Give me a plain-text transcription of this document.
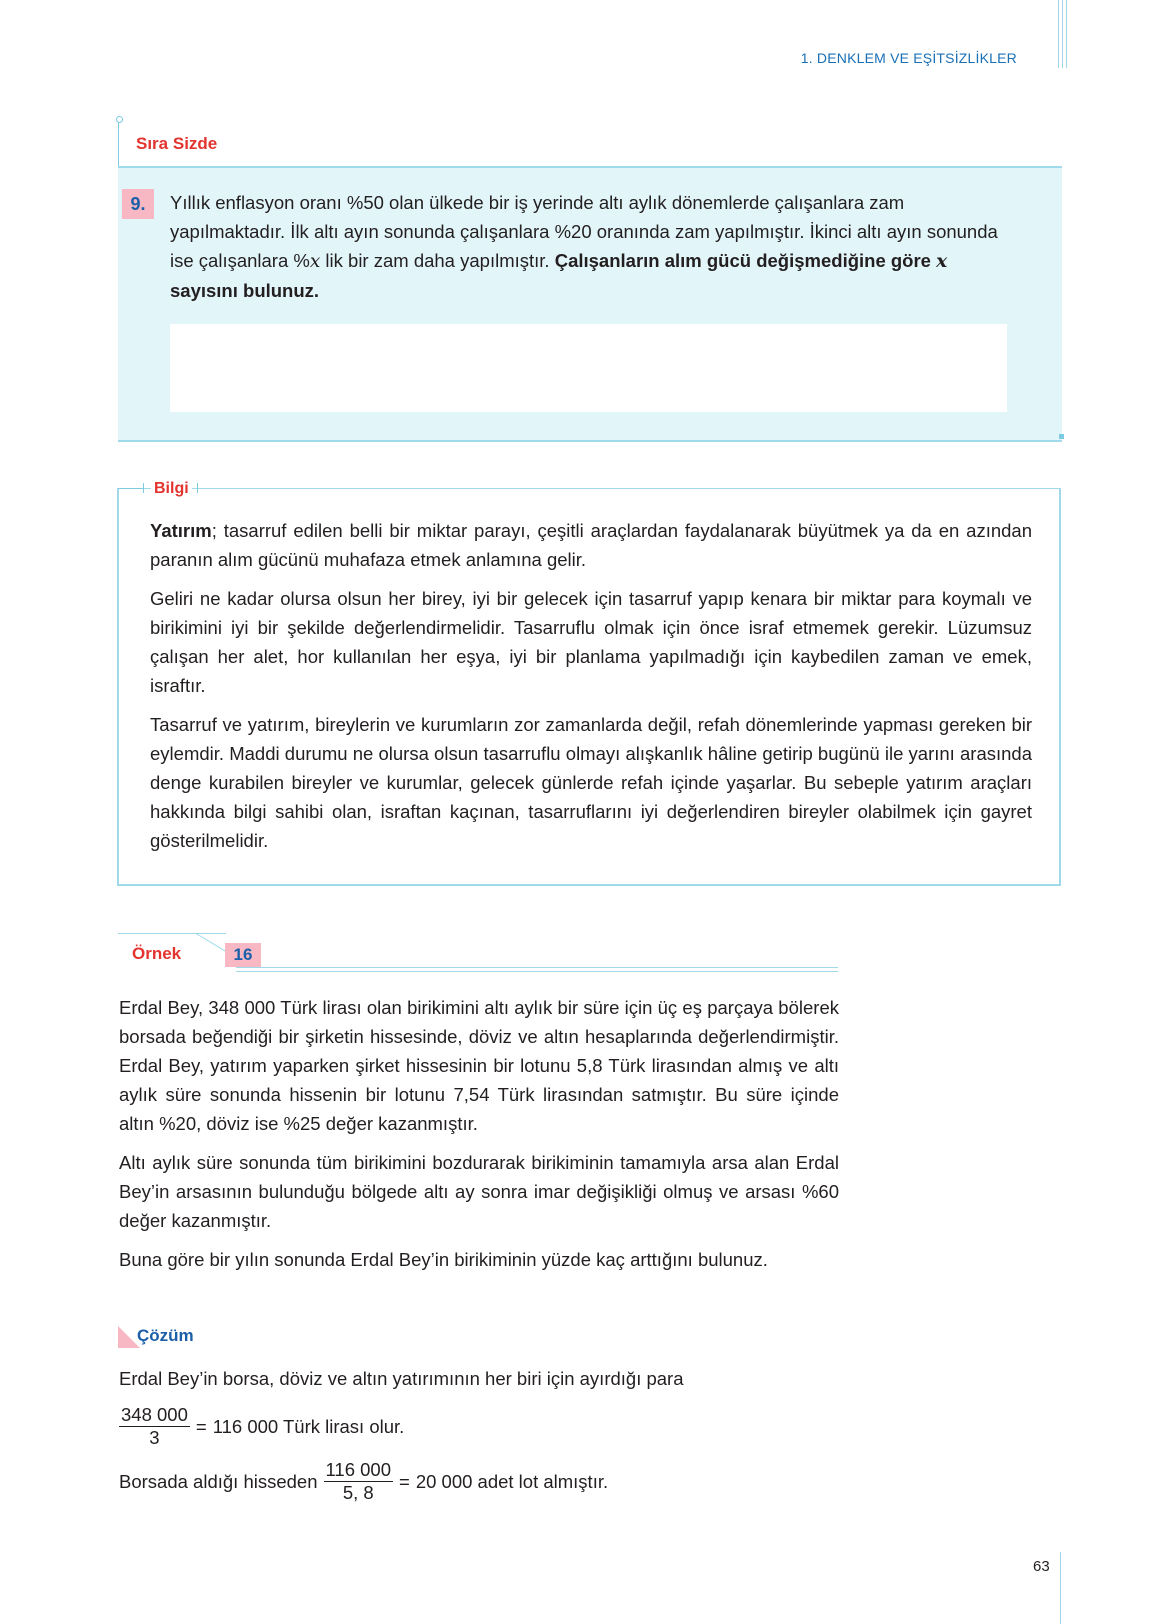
1. DENKLEM VE EŞİTSİZLİKLER
Sıra Sizde
9.	Yıllık enflasyon oranı %50 olan ülkede bir iş yerinde altı aylık dönemlerde çalışanlara zam yapılmaktadır. İlk altı ayın sonunda çalışanlara %20 oranında zam yapılmıştır. İkinci altı ayın sonunda ise çalışanlara %x lik bir zam daha yapılmıştır. Çalışanların alım gücü değişmediğine göre x sayısını bulunuz.
Bilgi

Yatırım; tasarruf edilen belli bir miktar parayı, çeşitli araçlardan faydalanarak büyütmek ya da en azından paranın alım gücünü muhafaza etmek anlamına gelir.

Geliri ne kadar olursa olsun her birey, iyi bir gelecek için tasarruf yapıp kenara bir miktar para koymalı ve birikimini iyi bir şekilde değerlendirmelidir. Tasarruflu olmak için önce israf etmemek gerekir. Lüzumsuz çalışan her alet, hor kullanılan her eşya, iyi bir planlama yapılmadığı için kaybedilen zaman ve emek, israftır.

Tasarruf ve yatırım, bireylerin ve kurumların zor zamanlarda değil, refah dönemlerinde yapması gereken bir eylemdir. Maddi durumu ne olursa olsun tasarruflu olmayı alışkanlık hâline getirip bugünü ile yarını arasında denge kurabilen bireyler ve kurumlar, gelecek günlerde refah içinde yaşarlar. Bu sebeple yatırım araçları hakkında bilgi sahibi olan, israftan kaçınan, tasarruflarını iyi değerlendiren bireyler olabilmek için gayret gösterilmelidir.

Örnek	16

Erdal Bey, 348 000 Türk lirası olan birikimini altı aylık bir süre için üç eş parçaya bölerek borsada beğendiği bir şirketin hissesinde, döviz ve altın hesaplarında değerlendirmiştir. Erdal Bey, yatırım yaparken şirket hissesinin bir lotunu 5,8 Türk lirasından almış ve altı aylık süre sonunda hissenin bir lotunu 7,54 Türk lirasından satmıştır. Bu süre içinde altın %20, döviz ise %25 değer kazanmıştır.

Altı aylık süre sonunda tüm birikimini bozdurarak birikiminin tamamıyla arsa alan Erdal Bey’in arsasının bulunduğu bölgede altı ay sonra imar değişikliği olmuş ve arsası %60 değer kazanmıştır.

Buna göre bir yılın sonunda Erdal Bey’in birikiminin yüzde kaç arttığını bulunuz.

Çözüm
Erdal Bey’in borsa, döviz ve altın yatırımının her biri için ayırdığı para
$\frac{348 000}{3} = 116$ 000 Türk lirası olur.
Borsada aldığı hisseden $\frac{116 000}{5, 8} = 20$ 000 adet lot almıştır.
63
